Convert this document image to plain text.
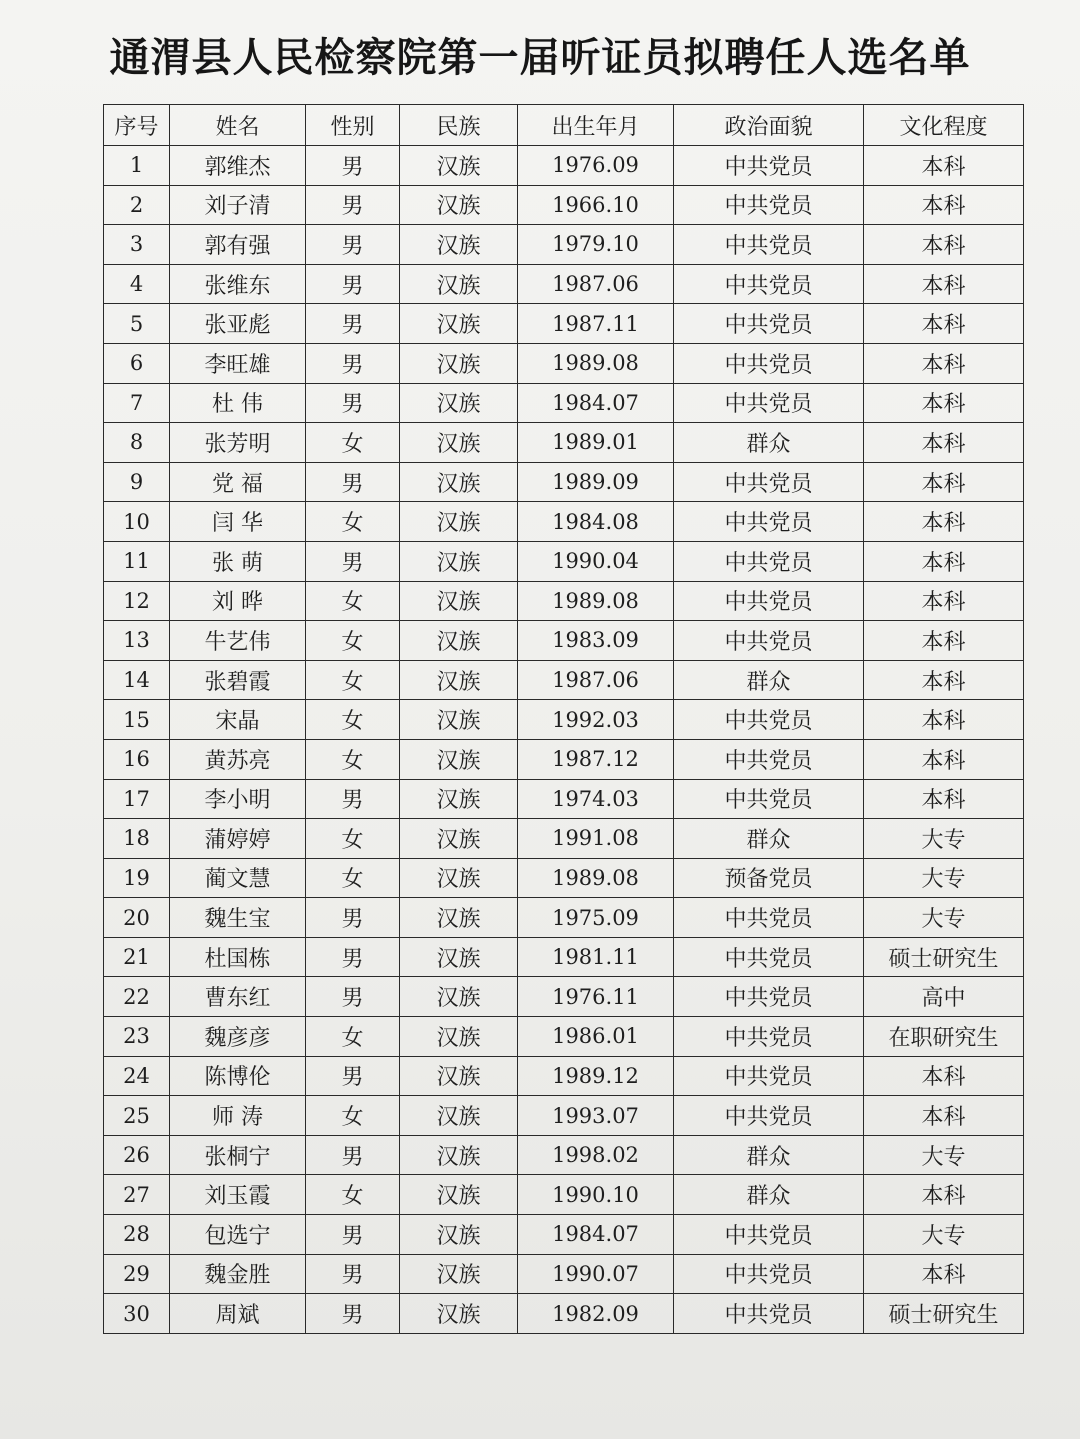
通渭县人民检察院第一届听证员拟聘任人选名单
序号	姓名	性别	民族	出生年月	政治面貌	文化程度
1	郭维杰	男	汉族	1976.09	中共党员	本科
2	刘子清	男	汉族	1966.10	中共党员	本科
3	郭有强	男	汉族	1979.10	中共党员	本科
4	张维东	男	汉族	1987.06	中共党员	本科
5	张亚彪	男	汉族	1987.11	中共党员	本科
6	李旺雄	男	汉族	1989.08	中共党员	本科
7	杜 伟	男	汉族	1984.07	中共党员	本科
8	张芳明	女	汉族	1989.01	群众	本科
9	党 福	男	汉族	1989.09	中共党员	本科
10	闫 华	女	汉族	1984.08	中共党员	本科
11	张 萌	男	汉族	1990.04	中共党员	本科
12	刘 晔	女	汉族	1989.08	中共党员	本科
13	牛艺伟	女	汉族	1983.09	中共党员	本科
14	张碧霞	女	汉族	1987.06	群众	本科
15	宋晶	女	汉族	1992.03	中共党员	本科
16	黄苏亮	女	汉族	1987.12	中共党员	本科
17	李小明	男	汉族	1974.03	中共党员	本科
18	蒲婷婷	女	汉族	1991.08	群众	大专
19	蔺文慧	女	汉族	1989.08	预备党员	大专
20	魏生宝	男	汉族	1975.09	中共党员	大专
21	杜国栋	男	汉族	1981.11	中共党员	硕士研究生
22	曹东红	男	汉族	1976.11	中共党员	高中
23	魏彦彦	女	汉族	1986.01	中共党员	在职研究生
24	陈博伦	男	汉族	1989.12	中共党员	本科
25	师 涛	女	汉族	1993.07	中共党员	本科
26	张桐宁	男	汉族	1998.02	群众	大专
27	刘玉霞	女	汉族	1990.10	群众	本科
28	包选宁	男	汉族	1984.07	中共党员	大专
29	魏金胜	男	汉族	1990.07	中共党员	本科
30	周斌	男	汉族	1982.09	中共党员	硕士研究生
